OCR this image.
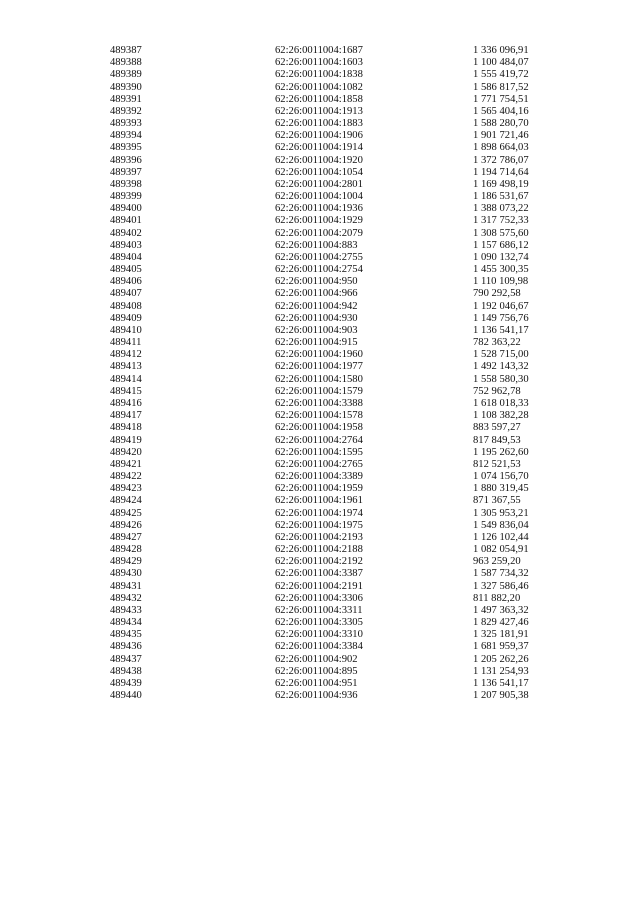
489387	62:26:0011004:1687	1 336 096,91
489388	62:26:0011004:1603	1 100 484,07
489389	62:26:0011004:1838	1 555 419,72
489390	62:26:0011004:1082	1 586 817,52
489391	62:26:0011004:1858	1 771 754,51
489392	62:26:0011004:1913	1 565 404,16
489393	62:26:0011004:1883	1 588 280,70
489394	62:26:0011004:1906	1 901 721,46
489395	62:26:0011004:1914	1 898 664,03
489396	62:26:0011004:1920	1 372 786,07
489397	62:26:0011004:1054	1 194 714,64
489398	62:26:0011004:2801	1 169 498,19
489399	62:26:0011004:1004	1 186 531,67
489400	62:26:0011004:1936	1 388 073,22
489401	62:26:0011004:1929	1 317 752,33
489402	62:26:0011004:2079	1 308 575,60
489403	62:26:0011004:883	1 157 686,12
489404	62:26:0011004:2755	1 090 132,74
489405	62:26:0011004:2754	1 455 300,35
489406	62:26:0011004:950	1 110 109,98
489407	62:26:0011004:966	790 292,58
489408	62:26:0011004:942	1 192 046,67
489409	62:26:0011004:930	1 149 756,76
489410	62:26:0011004:903	1 136 541,17
489411	62:26:0011004:915	782 363,22
489412	62:26:0011004:1960	1 528 715,00
489413	62:26:0011004:1977	1 492 143,32
489414	62:26:0011004:1580	1 558 580,30
489415	62:26:0011004:1579	752 962,78
489416	62:26:0011004:3388	1 618 018,33
489417	62:26:0011004:1578	1 108 382,28
489418	62:26:0011004:1958	883 597,27
489419	62:26:0011004:2764	817 849,53
489420	62:26:0011004:1595	1 195 262,60
489421	62:26:0011004:2765	812 521,53
489422	62:26:0011004:3389	1 074 156,70
489423	62:26:0011004:1959	1 880 319,45
489424	62:26:0011004:1961	871 367,55
489425	62:26:0011004:1974	1 305 953,21
489426	62:26:0011004:1975	1 549 836,04
489427	62:26:0011004:2193	1 126 102,44
489428	62:26:0011004:2188	1 082 054,91
489429	62:26:0011004:2192	963 259,20
489430	62:26:0011004:3387	1 587 734,32
489431	62:26:0011004:2191	1 327 586,46
489432	62:26:0011004:3306	811 882,20
489433	62:26:0011004:3311	1 497 363,32
489434	62:26:0011004:3305	1 829 427,46
489435	62:26:0011004:3310	1 325 181,91
489436	62:26:0011004:3384	1 681 959,37
489437	62:26:0011004:902	1 205 262,26
489438	62:26:0011004:895	1 131 254,93
489439	62:26:0011004:951	1 136 541,17
489440	62:26:0011004:936	1 207 905,38
